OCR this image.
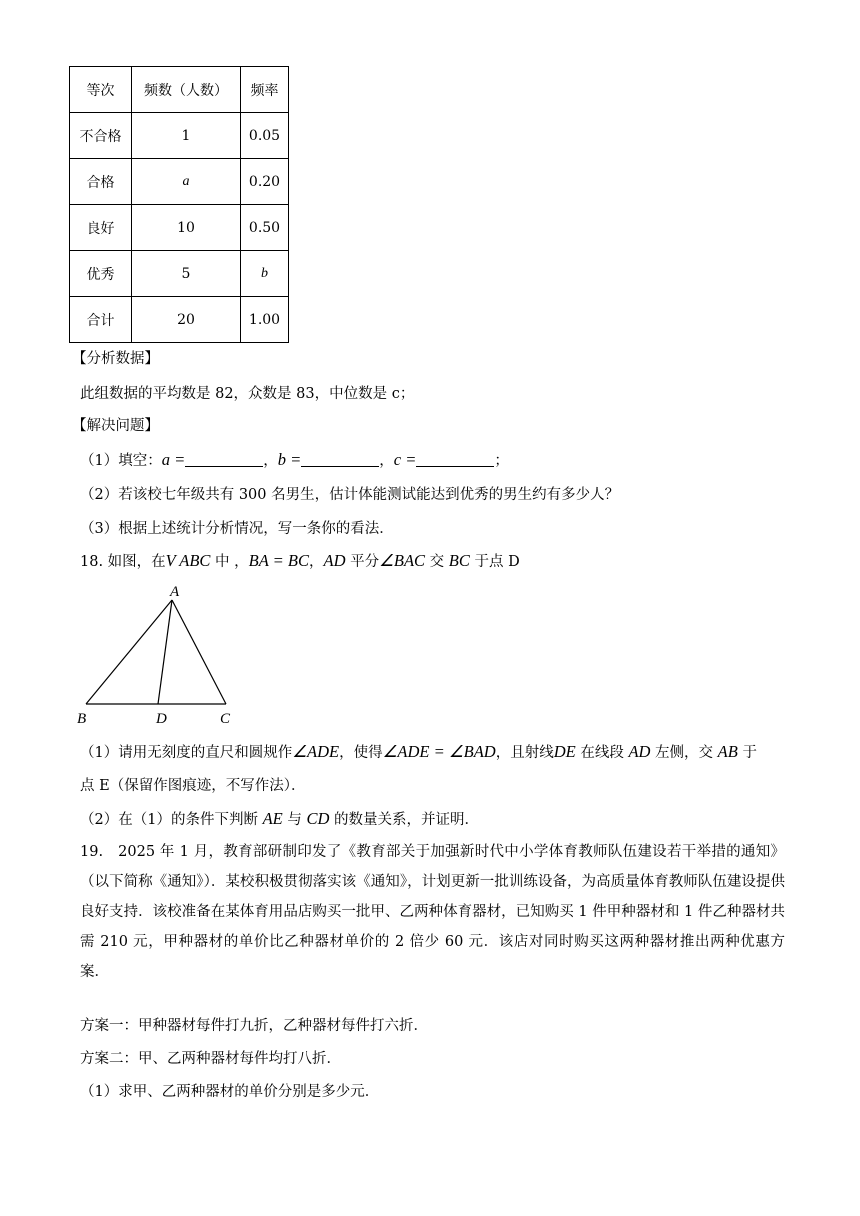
等次	频数（人数）	频率
不合格	1	0.05
合格	a	0.20
良好	10	0.50
优秀	5	b
合计	20	1.00
【分析数据】
此组数据的平均数是 82，众数是 83，中位数是 c；
【解决问题】
（1）填空：a =	，b =	，c =	；
（2）若该校七年级共有 300 名男生，估计体能测试能达到优秀的男生约有多少人？
（3）根据上述统计分析情况，写一条你的看法．
18. 如图，在V ABC 中 ，BA = BC，AD 平分∠BAC 交 BC 于点 D
A
B	D	C
（1）请用无刻度的直尺和圆规作∠ADE，使得∠ADE = ∠BAD，且射线DE 在线段 AD 左侧，交 AB 于
点 E（保留作图痕迹，不写作法）．
（2）在（1）的条件下判断 AE 与 CD 的数量关系，并证明．
19.　2025 年 1 月，教育部研制印发了《教育部关于加强新时代中小学体育教师队伍建设若干举措的通知》（以下简称《通知》）．某校积极贯彻落实该《通知》，计划更新一批训练设备，为高质量体育教师队伍建设提供良好支持．该校准备在某体育用品店购买一批甲、乙两种体育器材，已知购买 1 件甲种器材和 1 件乙种器材共需 210 元，甲种器材的单价比乙种器材单价的 2 倍少 60 元．该店对同时购买这两种器材推出两种优惠方案．
方案一：甲种器材每件打九折，乙种器材每件打六折．
方案二：甲、乙两种器材每件均打八折．
（1）求甲、乙两种器材的单价分别是多少元．
